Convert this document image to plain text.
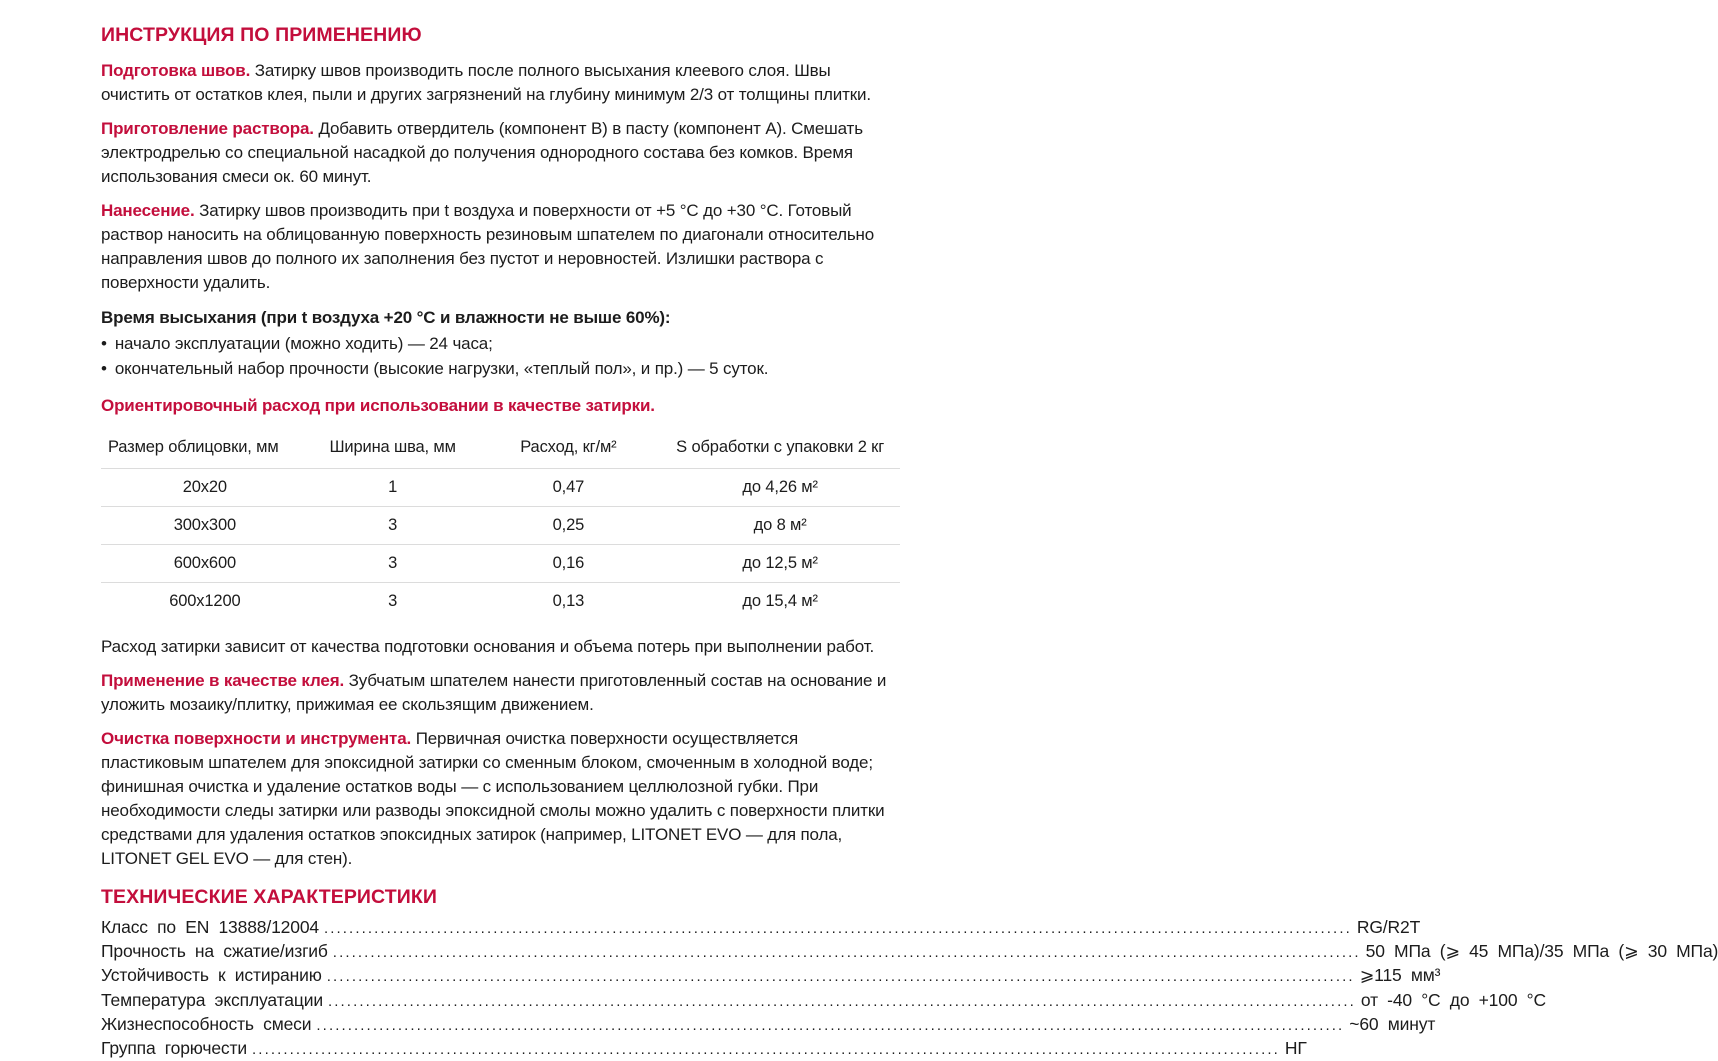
ИНСТРУКЦИЯ ПО ПРИМЕНЕНИЮ

Подготовка швов. Затирку швов производить после полного высыхания клеевого слоя. Швы очистить от остатков клея, пыли и других загрязнений на глубину минимум 2/3 от толщины плитки.

Приготовление раствора. Добавить отвердитель (компонент B) в пасту (компонент A). Смешать электродрелью со специальной насадкой до получения однородного состава без комков. Время использования смеси ок. 60 минут.

Нанесение. Затирку швов производить при t воздуха и поверхности от +5 °C до +30 °C. Готовый раствор наносить на облицованную поверхность резиновым шпателем по диагонали относительно направления швов до полного их заполнения без пустот и неровностей. Излишки раствора с поверхности удалить.

Время высыхания (при t воздуха +20 °C и влажности не выше 60%):
• начало эксплуатации (можно ходить) — 24 часа;
• окончательный набор прочности (высокие нагрузки, «теплый пол», и пр.) — 5 суток.
Ориентировочный расход при использовании в качестве затирки.
Размер облицовки, мм	Ширина шва, мм	Расход, кг/м²	S обработки с упаковки 2 кг
20х20	1	0,47	до 4,26 м²
300х300	3	0,25	до 8 м²
600х600	3	0,16	до 12,5 м²
600х1200	3	0,13	до 15,4 м²

Расход затирки зависит от качества подготовки основания и объема потерь при выполнении работ.

Применение в качестве клея. Зубчатым шпателем нанести приготовленный состав на основание и уложить мозаику/плитку, прижимая ее скользящим движением.

Очистка поверхности и инструмента. Первичная очистка поверхности осуществляется пластиковым шпателем для эпоксидной затирки со сменным блоком, смоченным в холодной воде; финишная очистка и удаление остатков воды — с использованием целлюлозной губки. При необходимости следы затирки или разводы эпоксидной смолы можно удалить с поверхности плитки средствами для удаления остатков эпоксидных затирок (например, LITONET EVO — для пола, LITONET GEL EVO — для стен).

ТЕХНИЧЕСКИЕ ХАРАКТЕРИСТИКИ
Класс по EN 13888/12004 .....	RG/R2T
Прочность на сжатие/изгиб .....	50 МПа (⩾ 45 МПа)/35 МПа (⩾ 30 МПа)
Устойчивость к истиранию .....	⩾115 мм³
Температура эксплуатации .....	от -40 °C до +100 °C
Жизнеспособность смеси .....	~60 минут
Группа горючести .....	НГ
